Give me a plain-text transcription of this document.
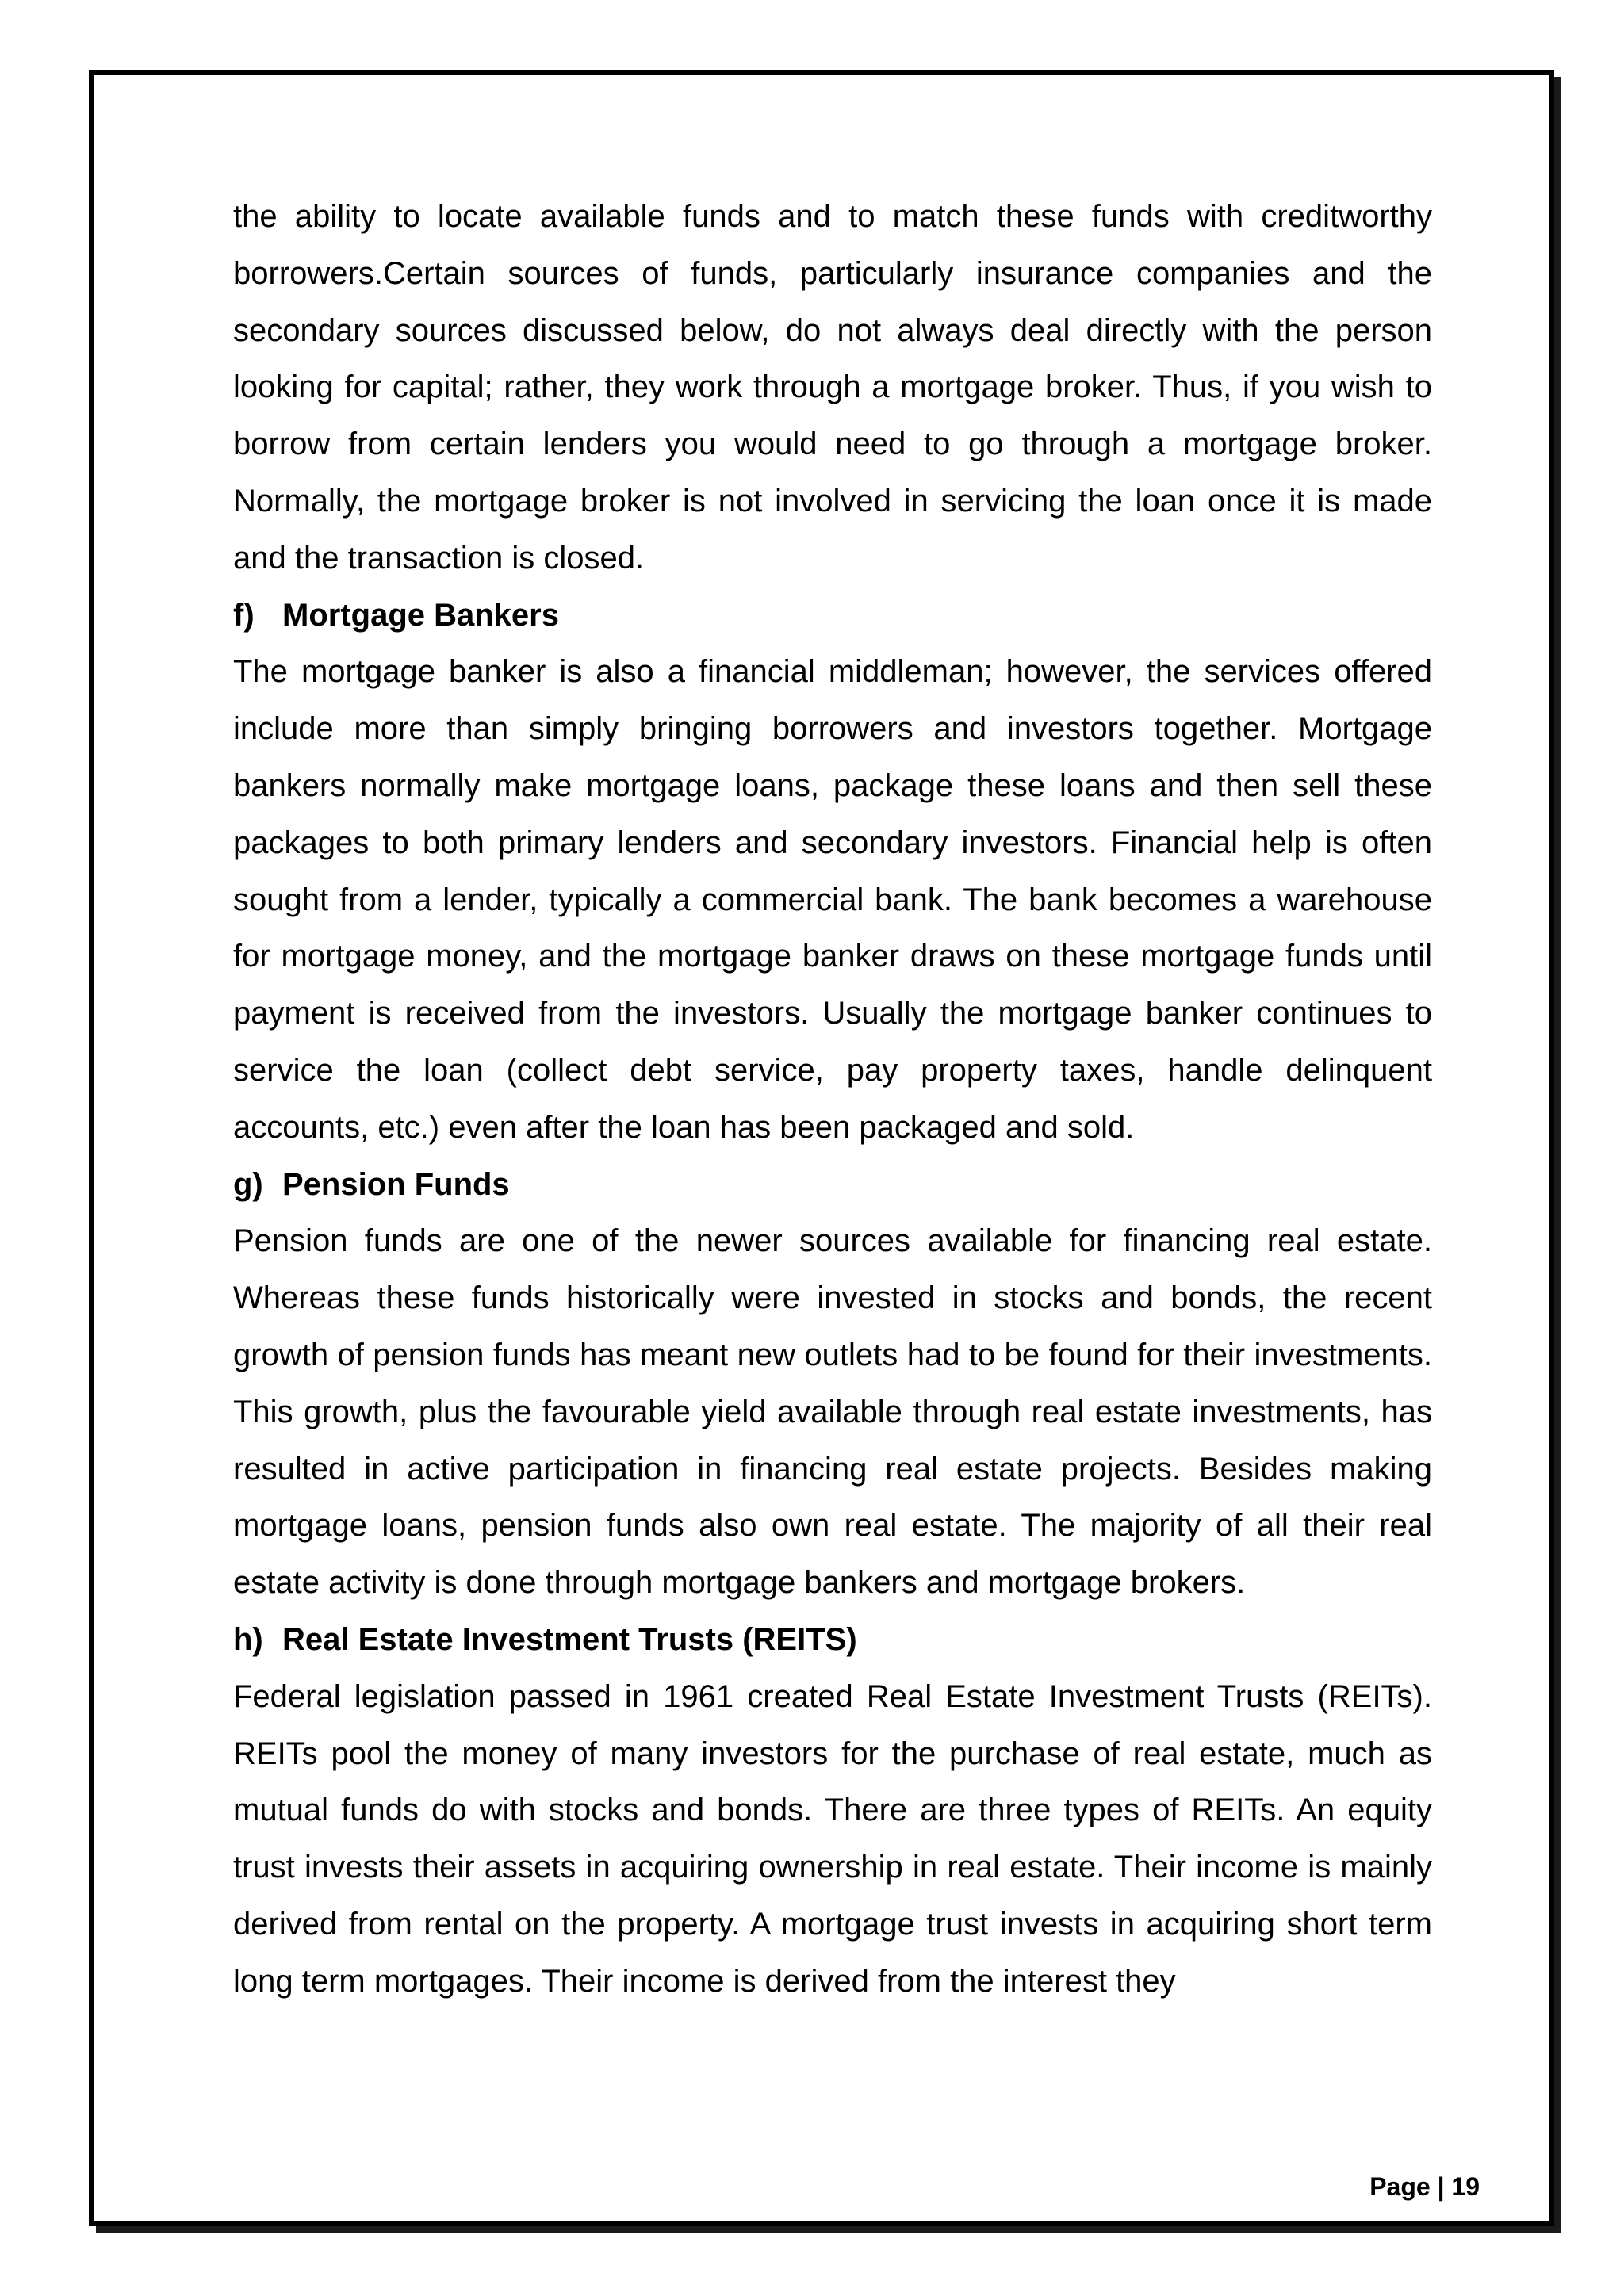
the ability to locate available funds and to match these funds with creditworthy borrowers.Certain sources of funds, particularly insurance companies and the secondary sources discussed below, do not always deal directly with the person looking for capital; rather, they work through a mortgage broker. Thus, if you wish to borrow from certain lenders you would need to go through a mortgage broker. Normally, the mortgage broker is not involved in servicing the loan once it is made and the transaction is closed.

f) Mortgage Bankers

The mortgage banker is also a financial middleman; however, the services offered include more than simply bringing borrowers and investors together. Mortgage bankers normally make mortgage loans, package these loans and then sell these packages to both primary lenders and secondary investors. Financial help is often sought from a lender, typically a commercial bank. The bank becomes a warehouse for mortgage money, and the mortgage banker draws on these mortgage funds until payment is received from the investors. Usually the mortgage banker continues to service the loan (collect debt service, pay property taxes, handle delinquent accounts, etc.) even after the loan has been packaged and sold.

g) Pension Funds

Pension funds are one of the newer sources available for financing real estate. Whereas these funds historically were invested in stocks and bonds, the recent growth of pension funds has meant new outlets had to be found for their investments. This growth, plus the favourable yield available through real estate investments, has resulted in active participation in financing real estate projects. Besides making mortgage loans, pension funds also own real estate. The majority of all their real estate activity is done through mortgage bankers and mortgage brokers.

h) Real Estate Investment Trusts (REITS)

Federal legislation passed in 1961 created Real Estate Investment Trusts (REITs). REITs pool the money of many investors for the purchase of real estate, much as mutual funds do with stocks and bonds. There are three types of REITs. An equity trust invests their assets in acquiring ownership in real estate. Their income is mainly derived from rental on the property. A mortgage trust invests in acquiring short term long term mortgages. Their income is derived from the interest they

Page | 19
